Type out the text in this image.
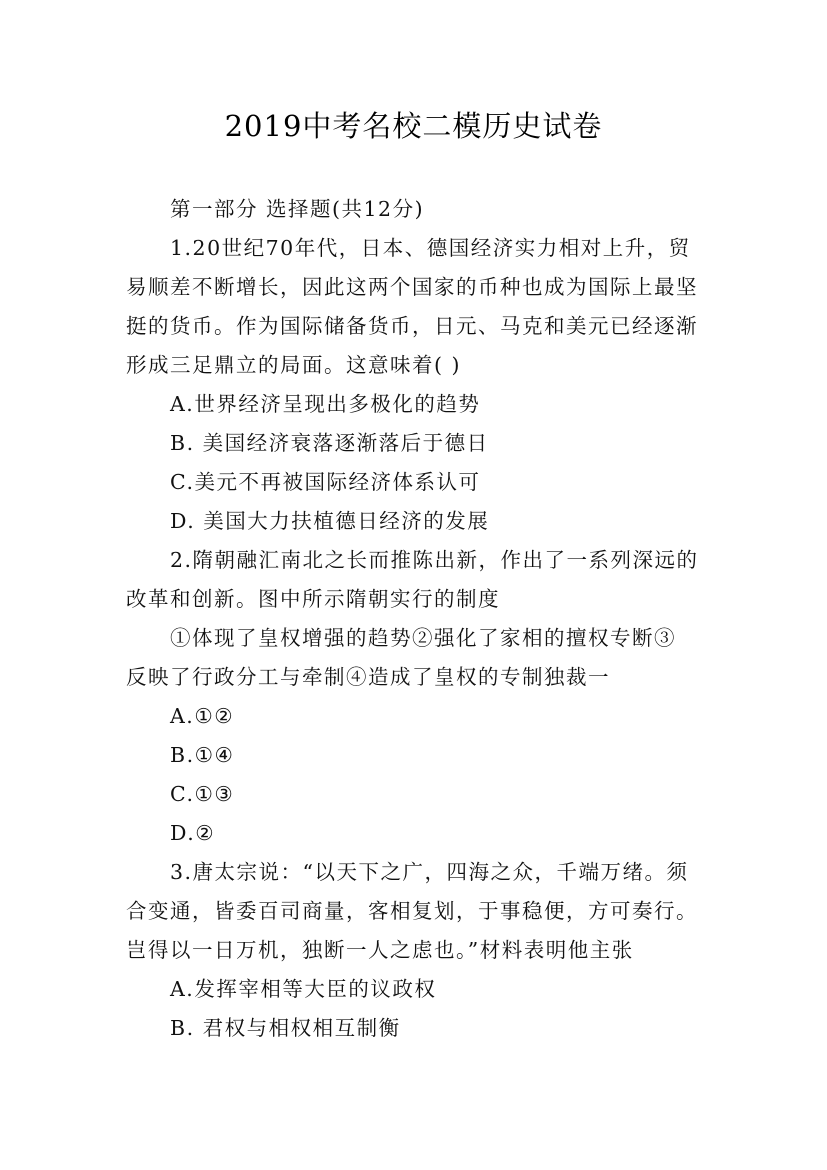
2019中考名校二模历史试卷
第一部分 选择题(共12分)
1.20世纪70年代，日本、德国经济实力相对上升，贸
易顺差不断增长，因此这两个国家的币种也成为国际上最坚
挺的货币。作为国际储备货币，日元、马克和美元已经逐渐
形成三足鼎立的局面。这意味着( )
A.世界经济呈现出多极化的趋势
B. 美国经济衰落逐渐落后于德日
C.美元不再被国际经济体系认可
D. 美国大力扶植德日经济的发展
2.隋朝融汇南北之长而推陈出新，作出了一系列深远的
改革和创新。图中所示隋朝实行的制度
①体现了皇权增强的趋势②强化了家相的擅权专断③
反映了行政分工与牵制④造成了皇权的专制独裁一
A.①②
B.①④
C.①③
D.②
3.唐太宗说：“以天下之广，四海之众，千端万绪。须
合变通，皆委百司商量，客相复划，于事稳便，方可奏行。
岂得以一日万机，独断一人之虑也。”材料表明他主张
A.发挥宰相等大臣的议政权
B. 君权与相权相互制衡
